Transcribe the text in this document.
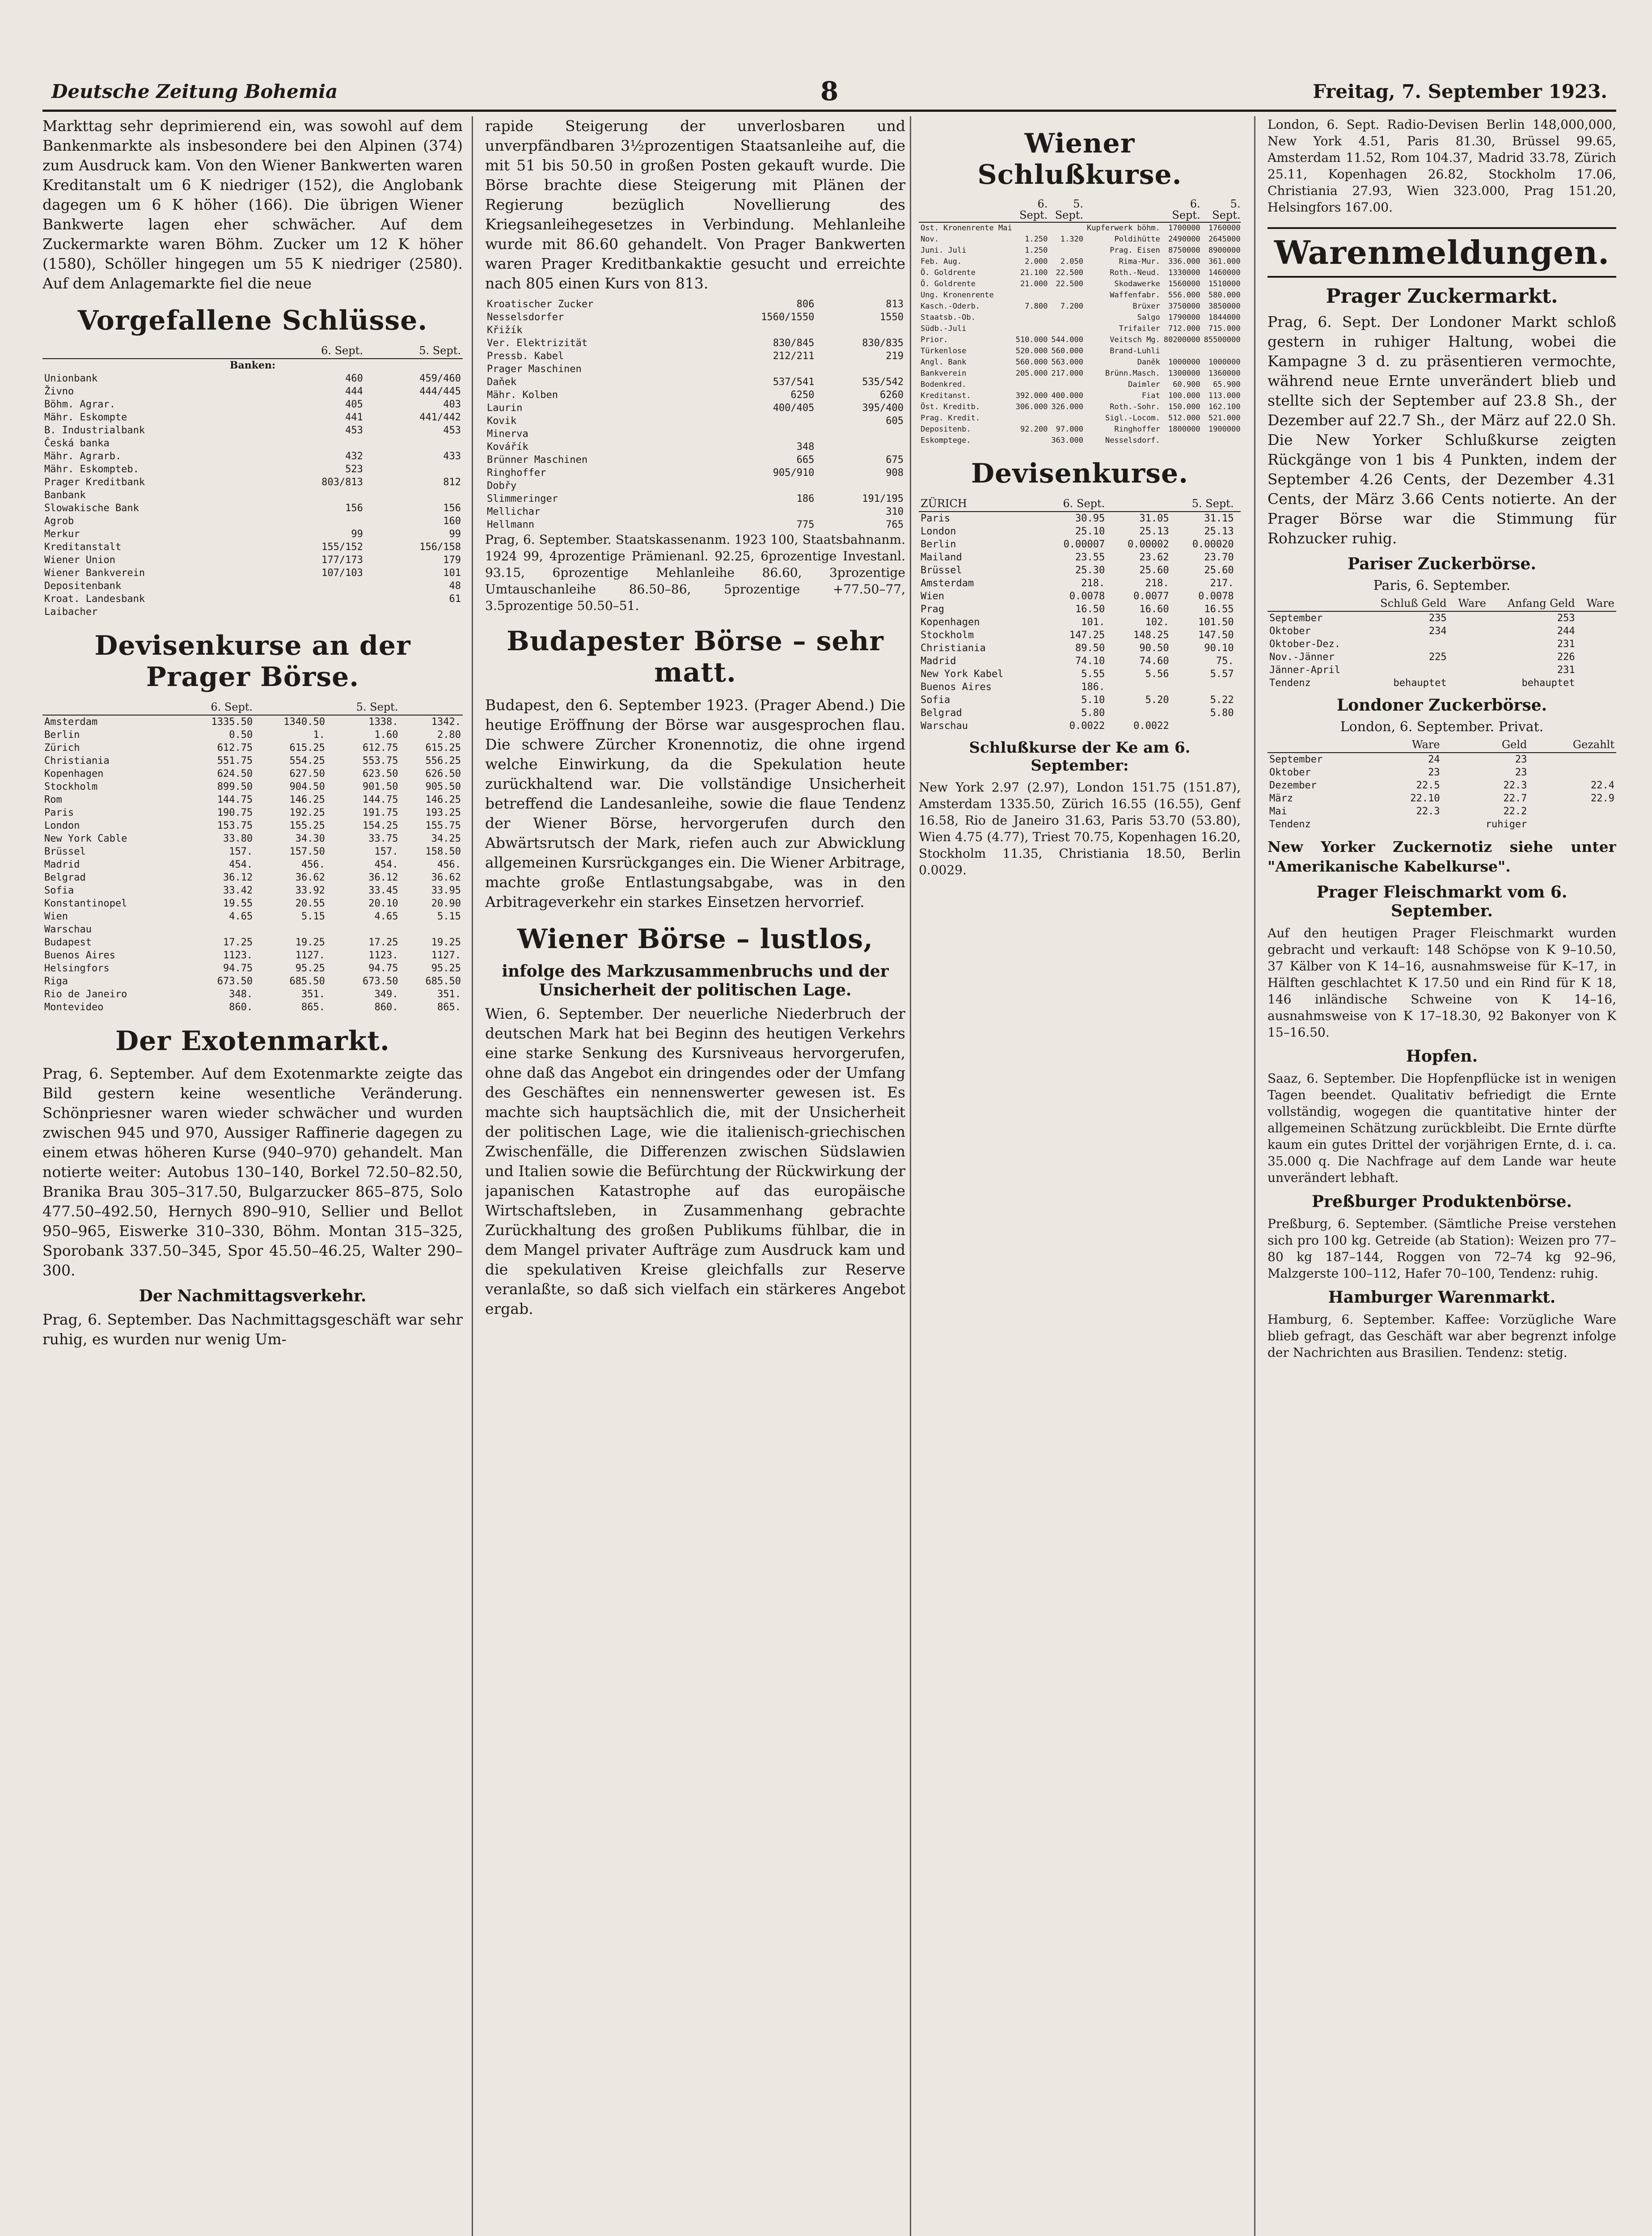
Deutsche Zeitung Bohemia	8	Freitag, 7. September 1923.

Markttag sehr deprimierend ein, was sowohl auf dem Bankenmarkte als insbesondere bei den Alpinen (374) zum Ausdruck kam. Von den Wiener Bankwerten waren Kreditanstalt um 6 K niedriger (152), die Anglobank dagegen um 6 K höher (166). Die übrigen Wiener Bankwerte lagen eher schwächer. Auf dem Zuckermarkte waren Böhm. Zucker um 12 K höher (1580), Schöller hingegen um 55 K niedriger (2580). Auf dem Anlagemarkte fiel die neue

Vorgefallene Schlüsse.
	6. Sept.	5. Sept.
Banken:		
Unionbank	460	459/460
Živno	444	444/445
Böhm. Agrar.	405	403
Mähr. Eskompte	441	441/442
B. Industrialbank	453	453
Česká banka		
Mähr. Agrarb.	432	433
Mähr. Eskompteb.	523	
Prager Kreditbank	803/813	812
Banbank		
Slowakische Bank	156	156
Agrob		160
Merkur	99	99
Kreditanstalt	155/152	156/158
Wiener Union	177/173	179
Wiener Bankverein	107/103	101
Depositenbank		48
Kroat. Landesbank		61
Laibacher		
Devisenkurse an der Prager Börse.
	6. Sept.		5. Sept.	
Amsterdam	1335.50	1340.50	1338.	1342.
Berlin	0.50	1.	1.60	2.80
Zürich	612.75	615.25	612.75	615.25
Christiania	551.75	554.25	553.75	556.25
Kopenhagen	624.50	627.50	623.50	626.50
Stockholm	899.50	904.50	901.50	905.50
Rom	144.75	146.25	144.75	146.25
Paris	190.75	192.25	191.75	193.25
London	153.75	155.25	154.25	155.75
New York Cable	33.80	34.30	33.75	34.25
Brüssel	157.	157.50	157.	158.50
Madrid	454.	456.	454.	456.
Belgrad	36.12	36.62	36.12	36.62
Sofia	33.42	33.92	33.45	33.95
Konstantinopel	19.55	20.55	20.10	20.90
Wien	4.65	5.15	4.65	5.15
Warschau				
Budapest	17.25	19.25	17.25	19.25
Buenos Aires	1123.	1127.	1123.	1127.
Helsingfors	94.75	95.25	94.75	95.25
Riga	673.50	685.50	673.50	685.50
Rio de Janeiro	348.	351.	349.	351.
Montevideo	860.	865.	860.	865.
Der Exotenmarkt.

Prag, 6. September. Auf dem Exotenmarkte zeigte das Bild gestern keine wesentliche Veränderung. Schönpriesner waren wieder schwächer und wurden zwischen 945 und 970, Aussiger Raffinerie dagegen zu einem etwas höheren Kurse (940–970) gehandelt. Man notierte weiter: Autobus 130–140, Borkel 72.50–82.50, Branika Brau 305–317.50, Bulgarzucker 865–875, Solo 477.50–492.50, Hernych 890–910, Sellier und Bellot 950–965, Eiswerke 310–330, Böhm. Montan 315–325, Sporobank 337.50–345, Spor 45.50–46.25, Walter 290–300.

Der Nachmittagsverkehr.

Prag, 6. September. Das Nachmittagsgeschäft war sehr ruhig, es wurden nur wenig Um-

rapide Steigerung der unverlosbaren und unverpfändbaren 3½prozentigen Staatsanleihe auf, die mit 51 bis 50.50 in großen Posten gekauft wurde. Die Börse brachte diese Steigerung mit Plänen der Regierung bezüglich Novellierung des Kriegsanleihegesetzes in Verbindung. Mehlanleihe wurde mit 86.60 gehandelt. Von Prager Bankwerten waren Prager Kreditbankaktie gesucht und erreichte nach 805 einen Kurs von 813.

Kroatischer Zucker	806	813
Nesselsdorfer	1560/1550	1550
Křižík		
Ver. Elektrizität	830/845	830/835
Pressb. Kabel	212/211	219
Prager Maschinen		
Daňek	537/541	535/542
Mähr. Kolben	6250	6260
Laurin	400/405	395/400
Kovik		605
Minerva		
Kovářík	348	
Brünner Maschinen	665	675
Ringhoffer	905/910	908
Dobřy		
Slimmeringer	186	191/195
Mellichar		310
Hellmann	775	765

Prag, 6. September. Staatskassenanm. 1923 100, Staatsbahnanm. 1924 99, 4prozentige Prämienanl. 92.25, 6prozentige Investanl. 93.15, 6prozentige Mehlanleihe 86.60, 3prozentige Umtauschanleihe 86.50–86, 5prozentige +77.50–77, 3.5prozentige 50.50–51.

Budapester Börse – sehr matt.

Budapest, den 6. September 1923. (Prager Abend.) Die heutige Eröffnung der Börse war ausgesprochen flau. Die schwere Zürcher Kronennotiz, die ohne irgend welche Einwirkung, da die Spekulation heute zurückhaltend war. Die vollständige Unsicherheit betreffend die Landesanleihe, sowie die flaue Tendenz der Wiener Börse, hervorgerufen durch den Abwärtsrutsch der Mark, riefen auch zur Abwicklung allgemeinen Kursrückganges ein. Die Wiener Arbitrage, machte große Entlastungsabgabe, was in den Arbitrageverkehr ein starkes Einsetzen hervorrief.

Wiener Börse – lustlos,
infolge des Markzusammenbruchs und der Unsicherheit der politischen Lage.

Wien, 6. September. Der neuerliche Niederbruch der deutschen Mark hat bei Beginn des heutigen Verkehrs eine starke Senkung des Kursniveaus hervorgerufen, ohne daß das Angebot ein dringendes oder der Umfang des Geschäftes ein nennenswerter gewesen ist. Es machte sich hauptsächlich die, mit der Unsicherheit der politischen Lage, wie die italienisch-griechischen Zwischenfälle, die Differenzen zwischen Südslawien und Italien sowie die Befürchtung der Rückwirkung der japanischen Katastrophe auf das europäische Wirtschaftsleben, in Zusammenhang gebrachte Zurückhaltung des großen Publikums fühlbar, die in dem Mangel privater Aufträge zum Ausdruck kam und die spekulativen Kreise gleichfalls zur Reserve veranlaßte, so daß sich vielfach ein stärkeres Angebot ergab.

Wiener Schlußkurse.
	6. Sept.	5. Sept.		6. Sept.	5. Sept.
Ost. Kronenrente Mai			Kupferwerk böhm.	1700000	1760000
Nov.	1.250	1.320	Poldihütte	2490000	2645000
Juni. Juli	1.250		Prag. Eisen	8750000	8900000
Feb. Aug.	2.000	2.050	Rima-Mur.	336.000	361.000
Ö. Goldrente	21.100	22.500	Roth.-Neud.	1330000	1460000
Ö. Goldrente	21.000	22.500	Skodawerke	1560000	1510000
Ung. Kronenrente			Waffenfabr.	556.000	580.000
Kasch.-Oderb.	7.800	7.200	Brüxer	3750000	3850000
Staatsb.-Ob.			Salgo	1790000	1844000
Südb.-Juli			Trifailer	712.000	715.000
Prior.	510.000	544.000	Veitsch Mg.	80200000	85500000
Türkenlose	520.000	560.000	Brand-Luhli		
Angl. Bank	560.000	563.000	Daněk	1000000	1000000
Bankverein	205.000	217.000	Brünn.Masch.	1300000	1360000
Bodenkred.			Daimler	60.900	65.900
Kreditanst.	392.000	400.000	Fiat	100.000	113.000
Öst. Kreditb.	306.000	326.000	Roth.-Sohr.	150.000	162.100
Prag. Kredit.			Sigl.-Locom.	512.000	521.000
Depositenb.	92.200	97.000	Ringhoffer	1800000	1900000
Eskomptege.		363.000	Nesselsdorf.		
Devisenkurse.
ZÜRICH	6. Sept.		5. Sept.	
Paris	30.95	31.05	31.15	
London	25.10	25.13	25.13	
Berlin	0.00007	0.00002	0.00020	
Mailand	23.55	23.62	23.70	
Brüssel	25.30	25.60	25.60	
Amsterdam	218.	218.	217.	
Wien	0.0078	0.0077	0.0078	
Prag	16.50	16.60	16.55	
Kopenhagen	101.	102.	101.50	
Stockholm	147.25	148.25	147.50	
Christiania	89.50	90.50	90.10	
Madrid	74.10	74.60	75.	
New York Kabel	5.55	5.56	5.57	
Buenos Aires	186.			
Sofia	5.10	5.20	5.22	
Belgrad	5.80		5.80	
Warschau	0.0022	0.0022		
Schlußkurse der Ke am 6. September:

New York 2.97 (2.97), London 151.75 (151.87), Amsterdam 1335.50, Zürich 16.55 (16.55), Genf 16.58, Rio de Janeiro 31.63, Paris 53.70 (53.80), Wien 4.75 (4.77), Triest 70.75, Kopenhagen 16.20, Stockholm 11.35, Christiania 18.50, Berlin 0.0029.

London, 6. Sept. Radio-Devisen Berlin 148,000,000, New York 4.51, Paris 81.30, Brüssel 99.65, Amsterdam 11.52, Rom 104.37, Madrid 33.78, Zürich 25.11, Kopenhagen 26.82, Stockholm 17.06, Christiania 27.93, Wien 323.000, Prag 151.20, Helsingfors 167.00.

Warenmeldungen.
Prager Zuckermarkt.

Prag, 6. Sept. Der Londoner Markt schloß gestern in ruhiger Haltung, wobei die Kampagne 3 d. zu präsentieren vermochte, während neue Ernte unverändert blieb und stellte sich der September auf 23.8 Sh., der Dezember auf 22.7 Sh., der März auf 22.0 Sh. Die New Yorker Schlußkurse zeigten Rückgänge von 1 bis 4 Punkten, indem der September 4.26 Cents, der Dezember 4.31 Cents, der März 3.66 Cents notierte. An der Prager Börse war die Stimmung für Rohzucker ruhig.

Pariser Zuckerbörse.
Paris, 6. September.
	Schluß Geld	Ware	Anfang Geld	Ware
September	235		253	
Oktober	234		244	
Oktober-Dez.			231	
Nov.-Jänner	225		226	
Jänner-April			231	
Tendenz	behauptet		behauptet	
Londoner Zuckerbörse.
London, 6. September. Privat.
	Ware	Geld	Gezahlt
September	24	23	
Oktober	23	23	
Dezember	22.5	22.3	22.4
März	22.10	22.7	22.9
Mai	22.3	22.2	
Tendenz		ruhiger	

New Yorker Zuckernotiz siehe unter "Amerikanische Kabelkurse".

Prager Fleischmarkt vom 6. September.

Auf den heutigen Prager Fleischmarkt wurden gebracht und verkauft: 148 Schöpse von K 9–10.50, 37 Kälber von K 14–16, ausnahmsweise für K–17, in Hälften geschlachtet K 17.50 und ein Rind für K 18, 146 inländische Schweine von K 14–16, ausnahmsweise von K 17–18.30, 92 Bakonyer von K 15–16.50.

Hopfen.

Saaz, 6. September. Die Hopfenpflücke ist in wenigen Tagen beendet. Qualitativ befriedigt die Ernte vollständig, wogegen die quantitative hinter der allgemeinen Schätzung zurückbleibt. Die Ernte dürfte kaum ein gutes Drittel der vorjährigen Ernte, d. i. ca. 35.000 q. Die Nachfrage auf dem Lande war heute unverändert lebhaft.

Preßburger Produktenbörse.

Preßburg, 6. September. (Sämtliche Preise verstehen sich pro 100 kg. Getreide (ab Station): Weizen pro 77–80 kg 187–144, Roggen von 72–74 kg 92–96, Malzgerste 100–112, Hafer 70–100, Tendenz: ruhig.

Hamburger Warenmarkt.

Hamburg, 6. September. Kaffee: Vorzügliche Ware blieb gefragt, das Geschäft war aber begrenzt infolge der Nachrichten aus Brasilien. Tendenz: stetig.
